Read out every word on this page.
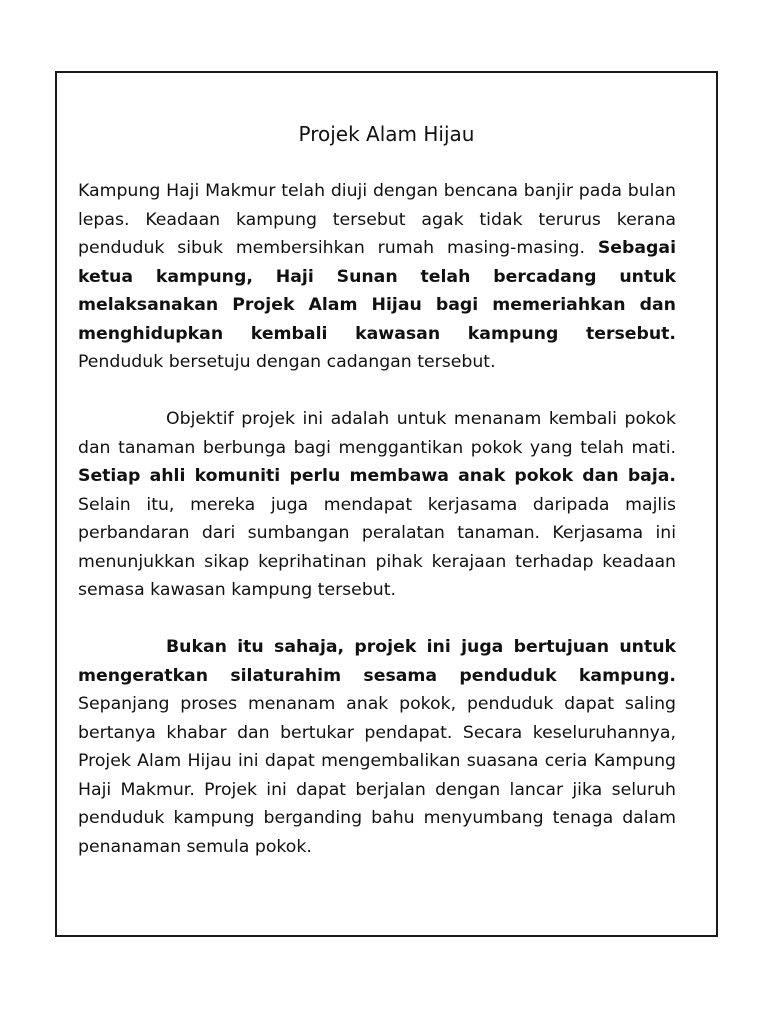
Projek Alam Hijau

Kampung Haji Makmur telah diuji dengan bencana banjir pada bulan lepas. Keadaan kampung tersebut agak tidak terurus kerana penduduk sibuk membersihkan rumah masing-masing. Sebagai ketua kampung, Haji Sunan telah bercadang untuk melaksanakan Projek Alam Hijau bagi memeriahkan dan menghidupkan kembali kawasan kampung tersebut. Penduduk bersetuju dengan cadangan tersebut.

Objektif projek ini adalah untuk menanam kembali pokok dan tanaman berbunga bagi menggantikan pokok yang telah mati. Setiap ahli komuniti perlu membawa anak pokok dan baja. Selain itu, mereka juga mendapat kerjasama daripada majlis perbandaran dari sumbangan peralatan tanaman. Kerjasama ini menunjukkan sikap keprihatinan pihak kerajaan terhadap keadaan semasa kawasan kampung tersebut.

Bukan itu sahaja, projek ini juga bertujuan untuk mengeratkan silaturahim sesama penduduk kampung. Sepanjang proses menanam anak pokok, penduduk dapat saling bertanya khabar dan bertukar pendapat. Secara keseluruhannya, Projek Alam Hijau ini dapat mengembalikan suasana ceria Kampung Haji Makmur. Projek ini dapat berjalan dengan lancar jika seluruh penduduk kampung berganding bahu menyumbang tenaga dalam penanaman semula pokok.
